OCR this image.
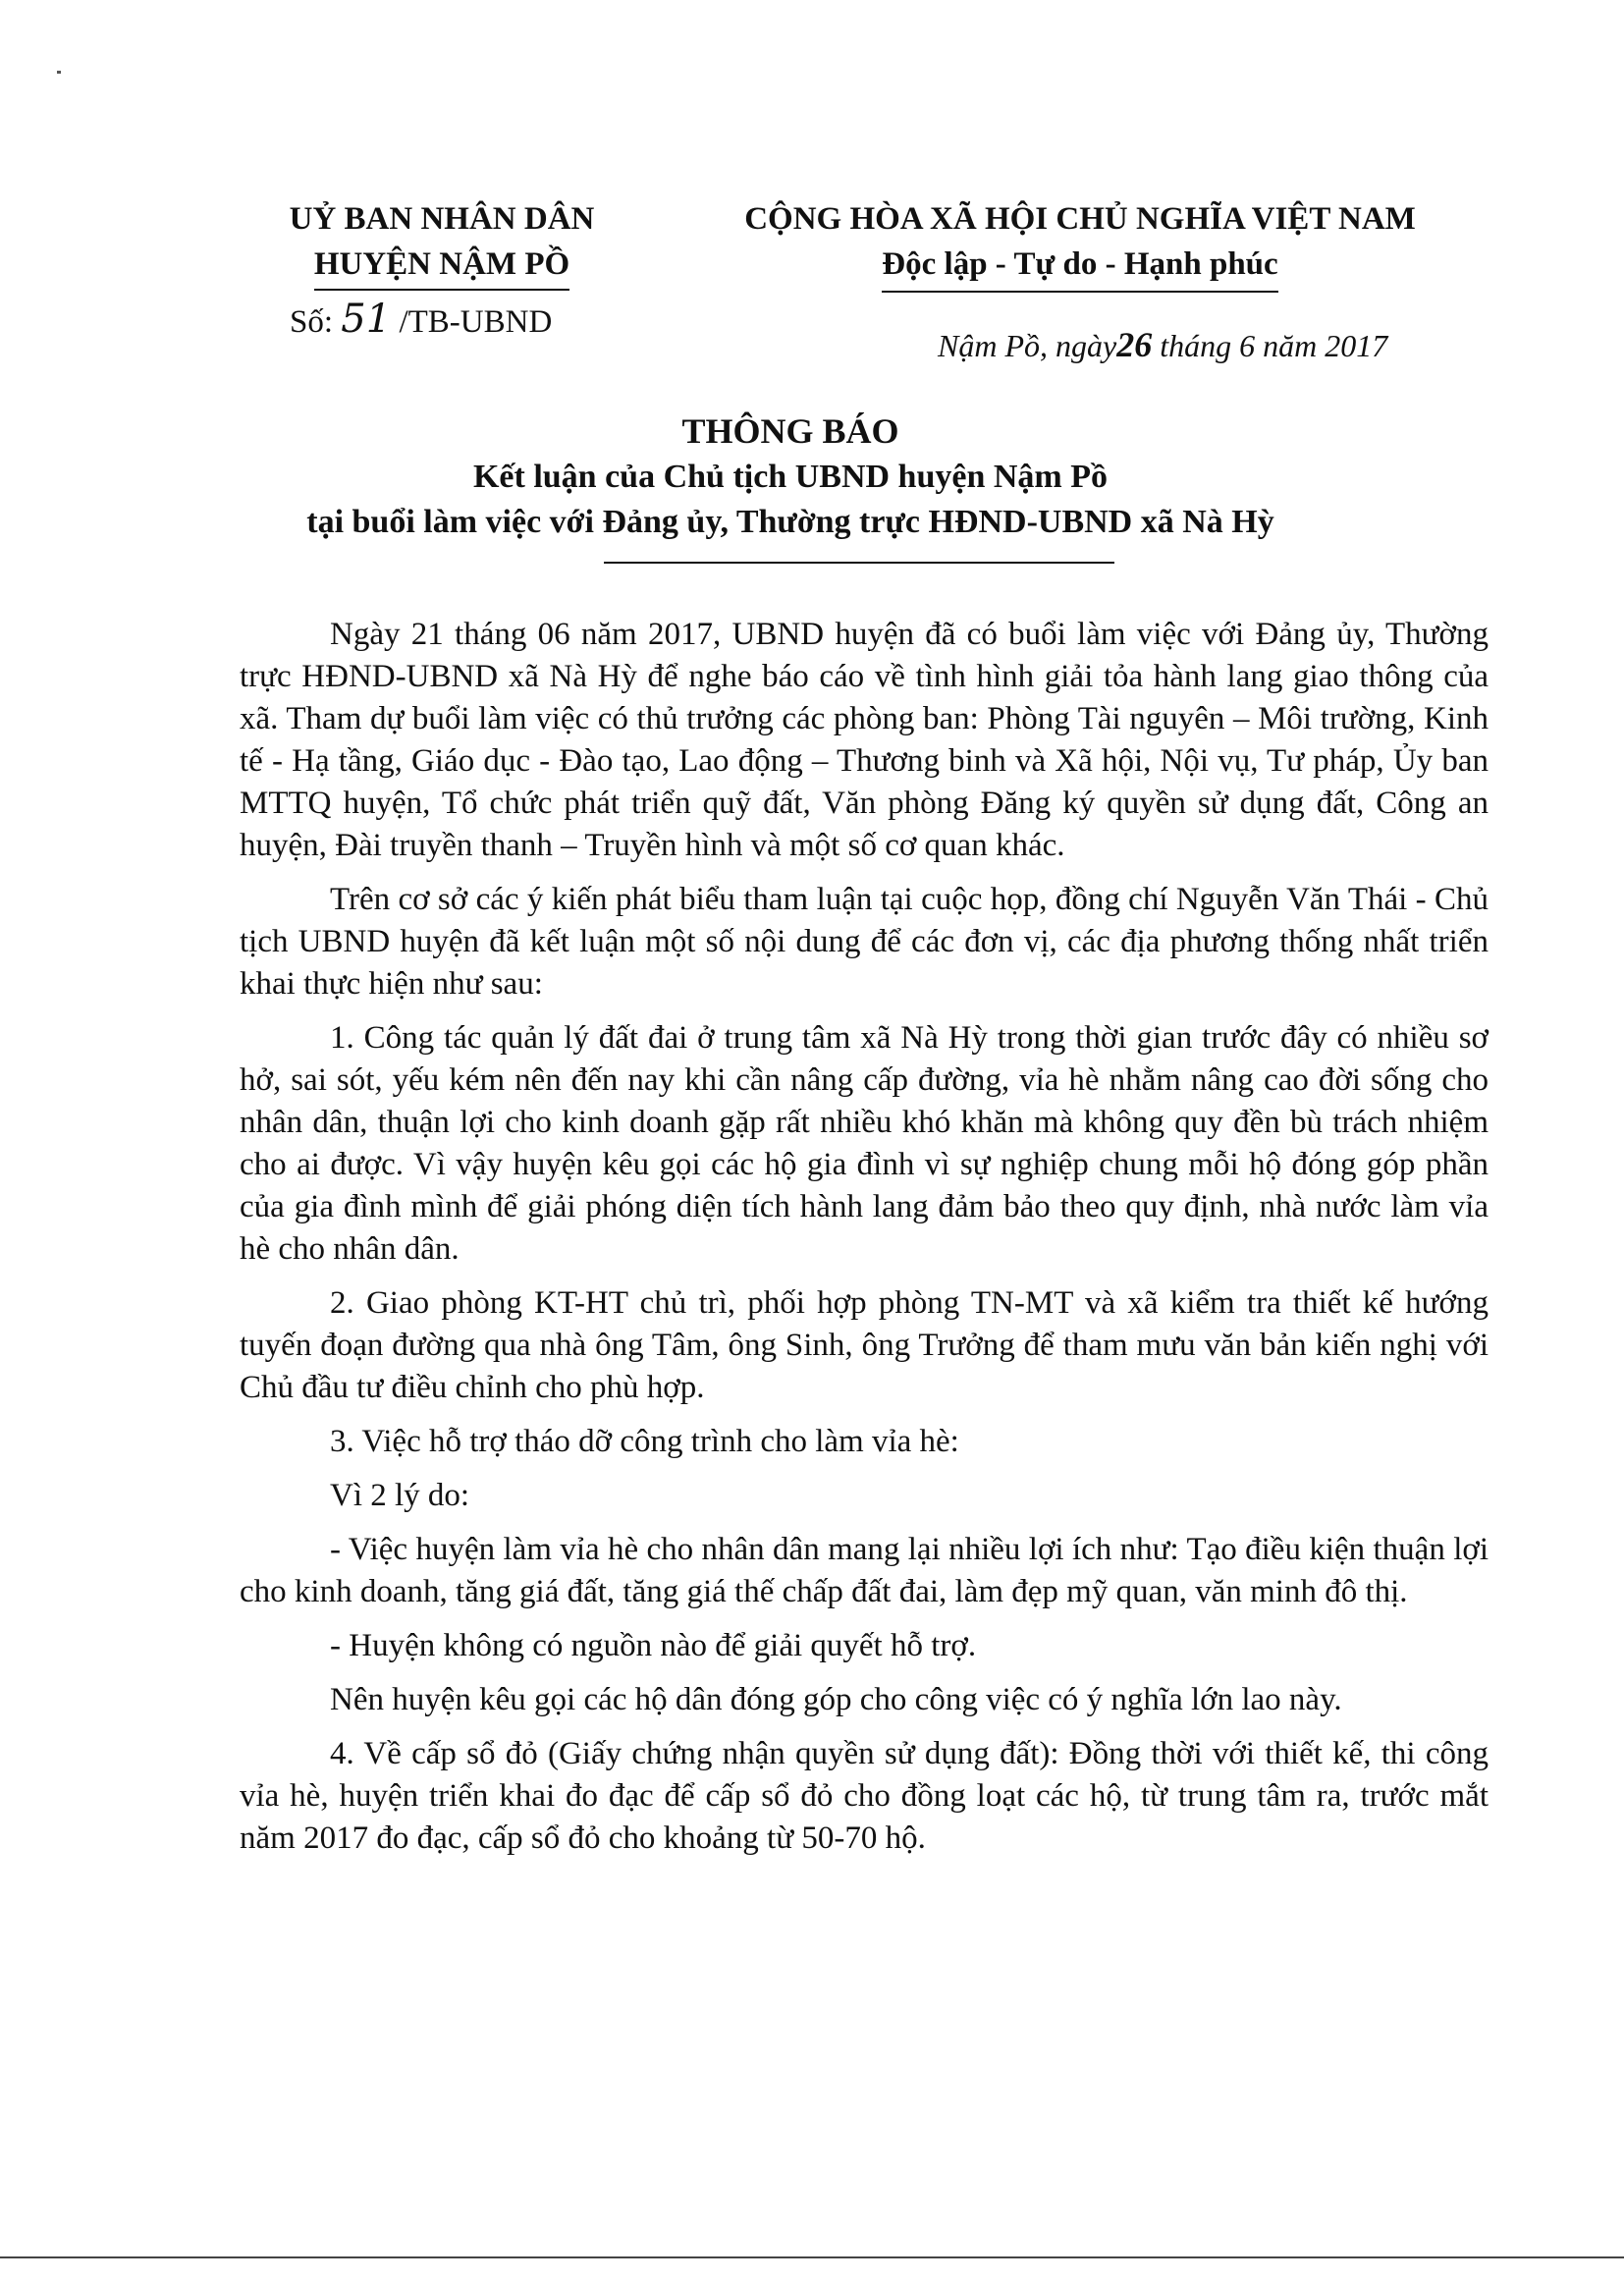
UỶ BAN NHÂN DÂN
HUYỆN NẬM PỒ
Số: 51 /TB-UBND
CỘNG HÒA XÃ HỘI CHỦ NGHĨA VIỆT NAM
Độc lập - Tự do - Hạnh phúc
Nậm Pồ, ngày26 tháng 6 năm 2017
THÔNG BÁO
Kết luận của Chủ tịch UBND huyện Nậm Pồ
tại buổi làm việc với Đảng ủy, Thường trực HĐND-UBND xã Nà Hỳ

Ngày 21 tháng 06 năm 2017, UBND huyện đã có buổi làm việc với Đảng ủy, Thường trực HĐND-UBND xã Nà Hỳ để nghe báo cáo về tình hình giải tỏa hành lang giao thông của xã. Tham dự buổi làm việc có thủ trưởng các phòng ban: Phòng Tài nguyên – Môi trường, Kinh tế - Hạ tầng, Giáo dục - Đào tạo, Lao động – Thương binh và Xã hội, Nội vụ, Tư pháp, Ủy ban MTTQ huyện, Tổ chức phát triển quỹ đất, Văn phòng Đăng ký quyền sử dụng đất, Công an huyện, Đài truyền thanh – Truyền hình và một số cơ quan khác.

Trên cơ sở các ý kiến phát biểu tham luận tại cuộc họp, đồng chí Nguyễn Văn Thái - Chủ tịch UBND huyện đã kết luận một số nội dung để các đơn vị, các địa phương thống nhất triển khai thực hiện như sau:

1. Công tác quản lý đất đai ở trung tâm xã Nà Hỳ trong thời gian trước đây có nhiều sơ hở, sai sót, yếu kém nên đến nay khi cần nâng cấp đường, vỉa hè nhằm nâng cao đời sống cho nhân dân, thuận lợi cho kinh doanh gặp rất nhiều khó khăn mà không quy đền bù trách nhiệm cho ai được. Vì vậy huyện kêu gọi các hộ gia đình vì sự nghiệp chung mỗi hộ đóng góp phần của gia đình mình để giải phóng diện tích hành lang đảm bảo theo quy định, nhà nước làm vỉa hè cho nhân dân.

2. Giao phòng KT-HT chủ trì, phối hợp phòng TN-MT và xã kiểm tra thiết kế hướng tuyến đoạn đường qua nhà ông Tâm, ông Sinh, ông Trưởng để tham mưu văn bản kiến nghị với Chủ đầu tư điều chỉnh cho phù hợp.

3. Việc hỗ trợ tháo dỡ công trình cho làm vỉa hè:

Vì 2 lý do:

- Việc huyện làm vỉa hè cho nhân dân mang lại nhiều lợi ích như: Tạo điều kiện thuận lợi cho kinh doanh, tăng giá đất, tăng giá thế chấp đất đai, làm đẹp mỹ quan, văn minh đô thị.

- Huyện không có nguồn nào để giải quyết hỗ trợ.

Nên huyện kêu gọi các hộ dân đóng góp cho công việc có ý nghĩa lớn lao này.

4. Về cấp sổ đỏ (Giấy chứng nhận quyền sử dụng đất): Đồng thời với thiết kế, thi công vỉa hè, huyện triển khai đo đạc để cấp sổ đỏ cho đồng loạt các hộ, từ trung tâm ra, trước mắt năm 2017 đo đạc, cấp sổ đỏ cho khoảng từ 50-70 hộ.
